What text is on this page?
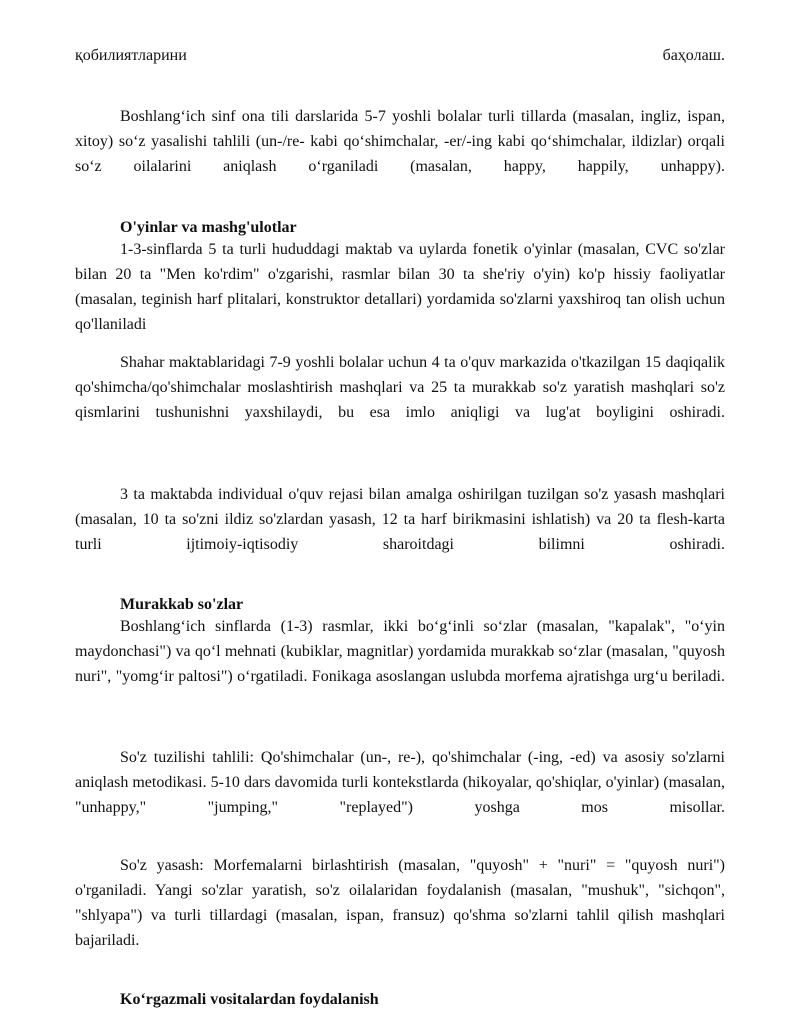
қобилиятларини	баҳолаш.
Boshlangʻich sinf ona tili darslarida 5-7 yoshli bolalar turli tillarda (masalan, ingliz, ispan, xitoy) soʻz yasalishi tahlili (un-/re- kabi qoʻshimchalar, -er/-ing kabi qoʻshimchalar, ildizlar) orqali soʻz oilalarini aniqlash oʻrganiladi (masalan, happy, happily, unhappy).
O'yinlar va mashg'ulotlar
1-3-sinflarda 5 ta turli hududdagi maktab va uylarda fonetik o'yinlar (masalan, CVC so'zlar bilan 20 ta "Men ko'rdim" o'zgarishi, rasmlar bilan 30 ta she'riy o'yin) ko'p hissiy faoliyatlar (masalan, teginish harf plitalari, konstruktor detallari) yordamida so'zlarni yaxshiroq tan olish uchun qo'llaniladi
Shahar maktablaridagi 7-9 yoshli bolalar uchun 4 ta o'quv markazida o'tkazilgan 15 daqiqalik qo'shimcha/qo'shimchalar moslashtirish mashqlari va 25 ta murakkab so'z yaratish mashqlari so'z qismlarini tushunishni yaxshilaydi, bu esa imlo aniqligi va lug'at boyligini oshiradi.
3 ta maktabda individual o'quv rejasi bilan amalga oshirilgan tuzilgan so'z yasash mashqlari (masalan, 10 ta so'zni ildiz so'zlardan yasash, 12 ta harf birikmasini ishlatish) va 20 ta flesh-karta turli ijtimoiy-iqtisodiy sharoitdagi bilimni oshiradi.
Murakkab so'zlar
Boshlangʻich sinflarda (1-3) rasmlar, ikki boʻgʻinli soʻzlar (masalan, "kapalak", "oʻyin maydonchasi") va qoʻl mehnati (kubiklar, magnitlar) yordamida murakkab soʻzlar (masalan, "quyosh nuri", "yomgʻir paltosi") oʻrgatiladi. Fonikaga asoslangan uslubda morfema ajratishga urgʻu beriladi.
So'z tuzilishi tahlili: Qo'shimchalar (un-, re-), qo'shimchalar (-ing, -ed) va asosiy so'zlarni aniqlash metodikasi. 5-10 dars davomida turli kontekstlarda (hikoyalar, qo'shiqlar, o'yinlar) (masalan, "unhappy," "jumping," "replayed") yoshga mos misollar.
So'z yasash: Morfemalarni birlashtirish (masalan, "quyosh" + "nuri" = "quyosh nuri") o'rganiladi. Yangi so'zlar yaratish, so'z oilalaridan foydalanish (masalan, "mushuk", "sichqon", "shlyapa") va turli tillardagi (masalan, ispan, fransuz) qo'shma so'zlarni tahlil qilish mashqlari bajariladi.
Koʻrgazmali vositalardan foydalanish
